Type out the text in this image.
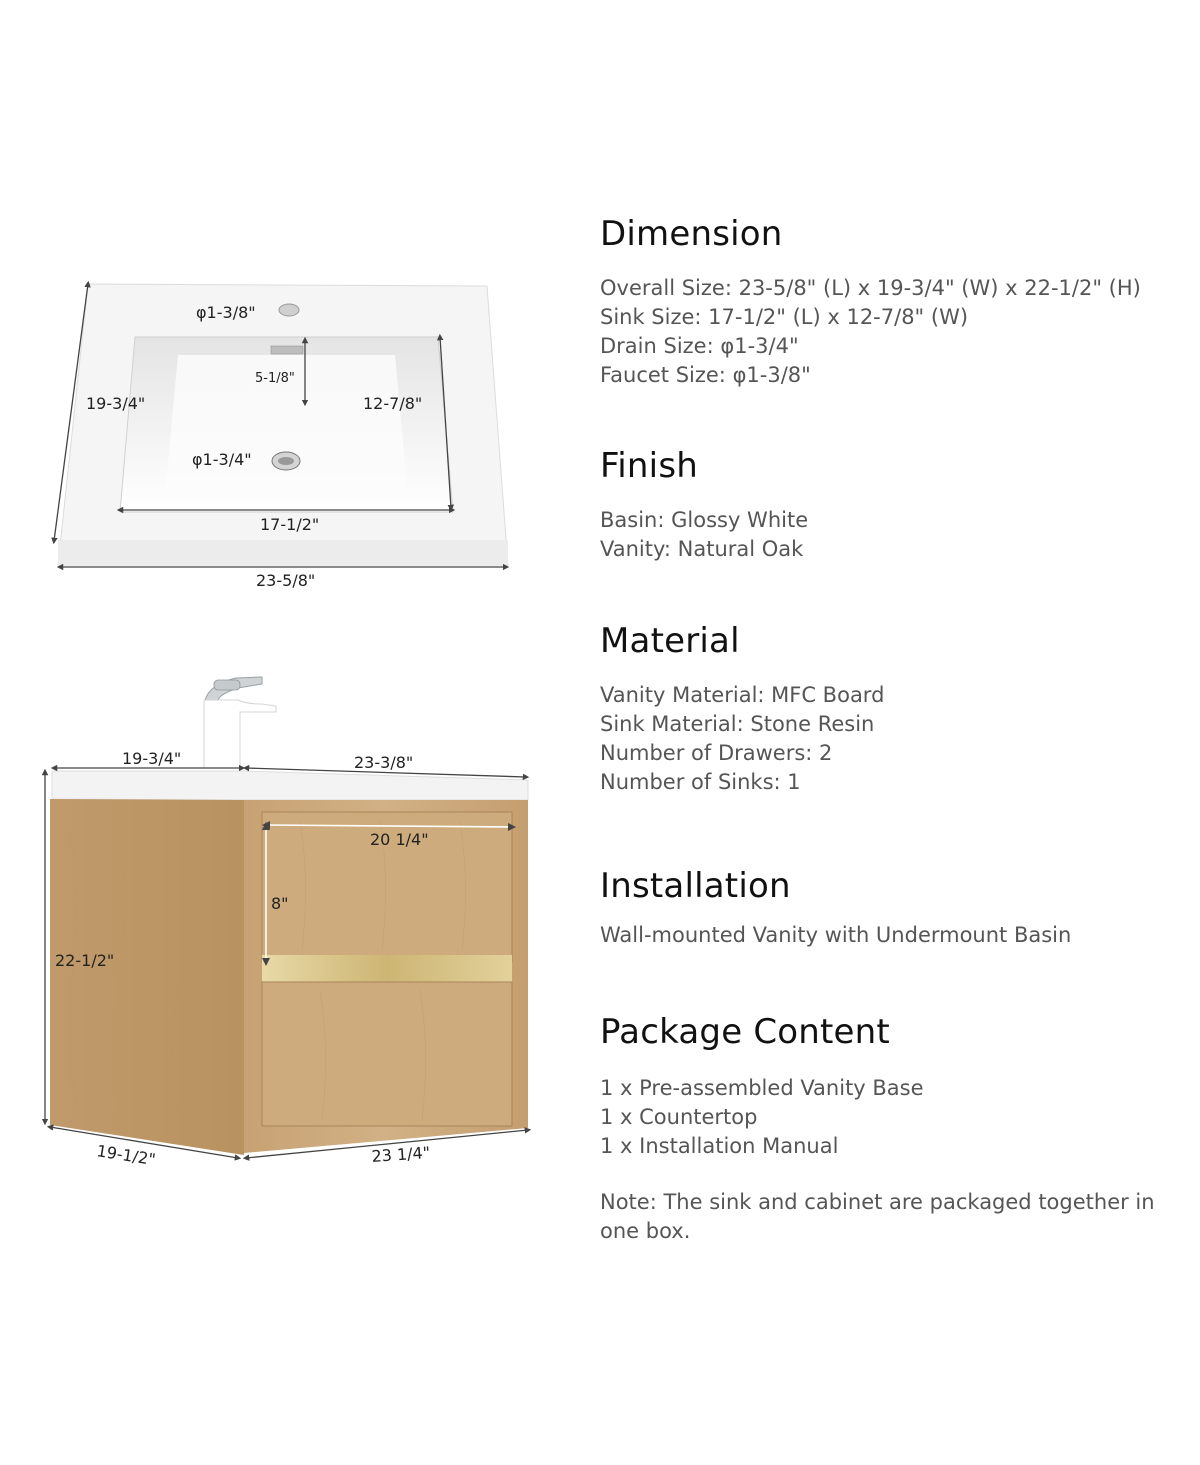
φ1-3/8"
5-1/8"
19-3/4"	12-7/8"
φ1-3/4"
17-1/2"
23-5/8"
19-3/4"	23-3/8"
20 1/4"
8"
22-1/2"
19-1/2"	23 1/4"
Dimension
Overall Size: 23-5/8" (L) x 19-3/4" (W) x 22-1/2" (H)
Sink Size: 17-1/2" (L) x 12-7/8" (W)
Drain Size: φ1-3/4"
Faucet Size: φ1-3/8"
Finish
Basin: Glossy White
Vanity: Natural Oak
Material
Vanity Material: MFC Board
Sink Material: Stone Resin
Number of Drawers: 2
Number of Sinks: 1
Installation
Wall-mounted Vanity with Undermount Basin
Package Content
1 x Pre-assembled Vanity Base
1 x Countertop
1 x Installation Manual
Note: The sink and cabinet are packaged together in one box.
